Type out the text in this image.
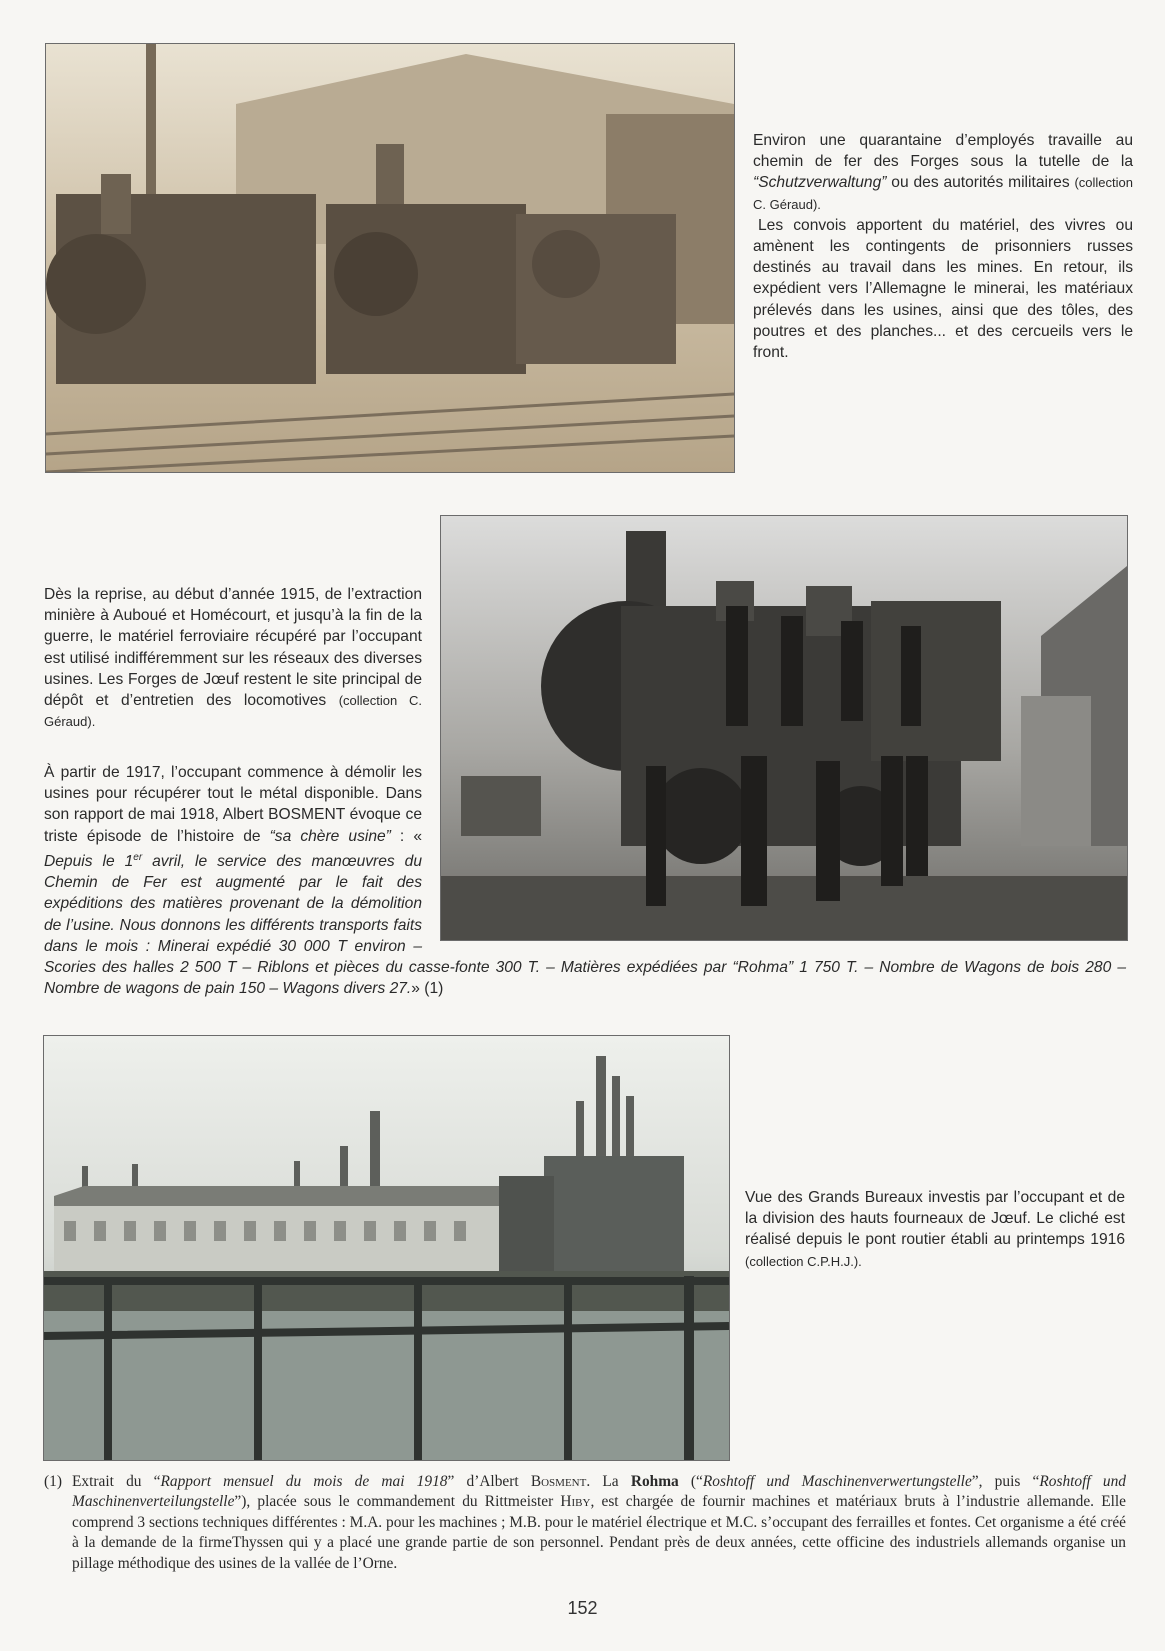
Environ une quarantaine d’employés travaille au chemin de fer des Forges sous la tutelle de la “Schutzverwaltung” ou des autorités militaires (collection C. Géraud).

Les convois apportent du matériel, des vivres ou amènent les contingents de prisonniers russes destinés au travail dans les mines. En retour, ils expédient vers l’Allemagne le minerai, les matériaux prélevés dans les usines, ainsi que des tôles, des poutres et des planches... et des cercueils vers le front.

Dès la reprise, au début d’année 1915, de l’extraction minière à Auboué et Homécourt, et jusqu’à la fin de la guerre, le matériel ferroviaire récupéré par l’occupant est utilisé indifféremment sur les réseaux des diverses usines. Les Forges de Jœuf restent le site principal de dépôt et d’entretien des locomotives (collection C. Géraud).

À partir de 1917, l’occupant commence à démolir les usines pour récupérer tout le métal disponible. Dans son rapport de mai 1918, Albert BOSMENT évoque ce triste épisode de l’histoire de “sa chère usine” : « Depuis le 1er avril, le service des manœuvres du Chemin de Fer est augmenté par le fait des expéditions des matières provenant de la démolition de l’usine. Nous donnons les différents transports faits dans le mois : Minerai expédié 30 000 T environ – Scories des halles 2 500 T – Riblons et pièces du casse-fonte 300 T. – Matières expédiées par “Rohma” 1 750 T. – Nombre de Wagons de bois 280 – Nombre de wagons de pain 150 – Wagons divers 27.» (1)

Vue des Grands Bureaux investis par l’occupant et de la division des hauts fourneaux de Jœuf. Le cliché est réalisé depuis le pont routier établi au printemps 1916 (collection C.P.H.J.).

(1) Extrait du “Rapport mensuel du mois de mai 1918” d’Albert Bosment. La Rohma (“Roshtoff und Maschinenverwertungstelle”, puis “Roshtoff und Maschinenverteilungstelle”), placée sous le commandement du Rittmeister Hiby, est chargée de fournir machines et matériaux bruts à l’industrie allemande. Elle comprend 3 sections techniques différentes : M.A. pour les machines ; M.B. pour le matériel électrique et M.C. s’occupant des ferrailles et fontes. Cet organisme a été créé à la demande de la firmeThyssen qui y a placé une grande partie de son personnel. Pendant près de deux années, cette officine des industriels allemands organise un pillage méthodique des usines de la vallée de l’Orne.
152
